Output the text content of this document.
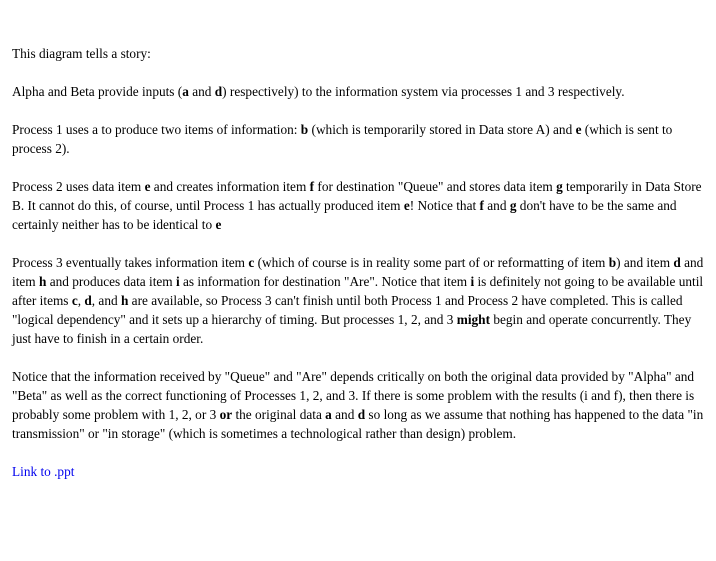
This diagram tells a story:

Alpha and Beta provide inputs (a and d) respectively) to the information system via processes 1 and 3 respectively.

Process 1 uses a to produce two items of information: b (which is temporarily stored in Data store A) and e (which is sent to process 2).

Process 2 uses data item e and creates information item f for destination "Queue" and stores data item g temporarily in Data Store B. It cannot do this, of course, until Process 1 has actually produced item e! Notice that f and g don't have to be the same and certainly neither has to be identical to e

Process 3 eventually takes information item c (which of course is in reality some part of or reformatting of item b) and item d and item h and produces data item i as information for destination "Are". Notice that item i is definitely not going to be available until after items c, d, and h are available, so Process 3 can't finish until both Process 1 and Process 2 have completed. This is called "logical dependency" and it sets up a hierarchy of timing. But processes 1, 2, and 3 might begin and operate concurrently. They just have to finish in a certain order.

Notice that the information received by "Queue" and "Are" depends critically on both the original data provided by "Alpha" and "Beta" as well as the correct functioning of Processes 1, 2, and 3. If there is some problem with the results (i and f), then there is probably some problem with 1, 2, or 3 or the original data a and d so long as we assume that nothing has happened to the data "in transmission" or "in storage" (which is sometimes a technological rather than design) problem.

Link to .ppt
